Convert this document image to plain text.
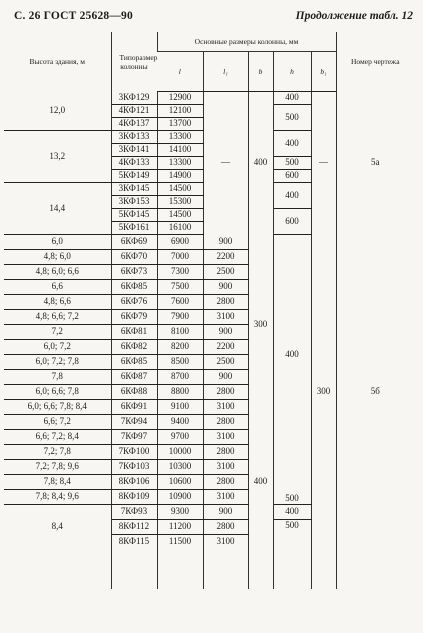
С. 26 ГОСТ 25628—90	Продолжение табл. 12
Высота здания, м	Типоразмер колонны	Основные размеры колонны, мм					Номер чертежа
		l	l₁	b	h	b₁	
12,0	3КФ129	12900	—	400	400	—	5а
	4КФ121	12100			500		
	4КФ137	13700					
13,2	3КФ133	13300			400		
	3КФ141	14100					
	4КФ133	13300			500		
	5КФ149	14900			600		
14,4	3КФ145	14500			400		
	3КФ153	15300					
	5КФ145	14500			600		
	5КФ161	16100					
6,0	6КФ69	6900	900	300	400	300	5б
4,8; 6,0	6КФ70	7000	2200				
4,8; 6,0; 6,6	6КФ73	7300	2500				
6,6	6КФ85	7500	900				
4,8; 6,6	6КФ76	7600	2800				
4,8; 6,6; 7,2	6КФ79	7900	3100				
7,2	6КФ81	8100	900				
6,0; 7,2	6КФ82	8200	2200				
6,0; 7,2; 7,8	6КФ85	8500	2500				
7,8	6КФ87	8700	900				
6,0; 6,6; 7,8	6КФ88	8800	2800				
6,0; 6,6; 7,8; 8,4	6КФ91	9100	3100				
6,6; 7,2	7КФ94	9400	2800	400			
6,6; 7,2; 8,4	7КФ97	9700	3100				
7,2; 7,8	7КФ100	10000	2800				
7,2; 7,8; 9,6	7КФ103	10300	3100				
7,8; 8,4	8КФ106	10600	2800		500		
7,8; 8,4; 9,6	8КФ109	10900	3100				
8,4	7КФ93	9300	900		400		
	8КФ112	11200	2800		500		
	8КФ115	11500	3100				
